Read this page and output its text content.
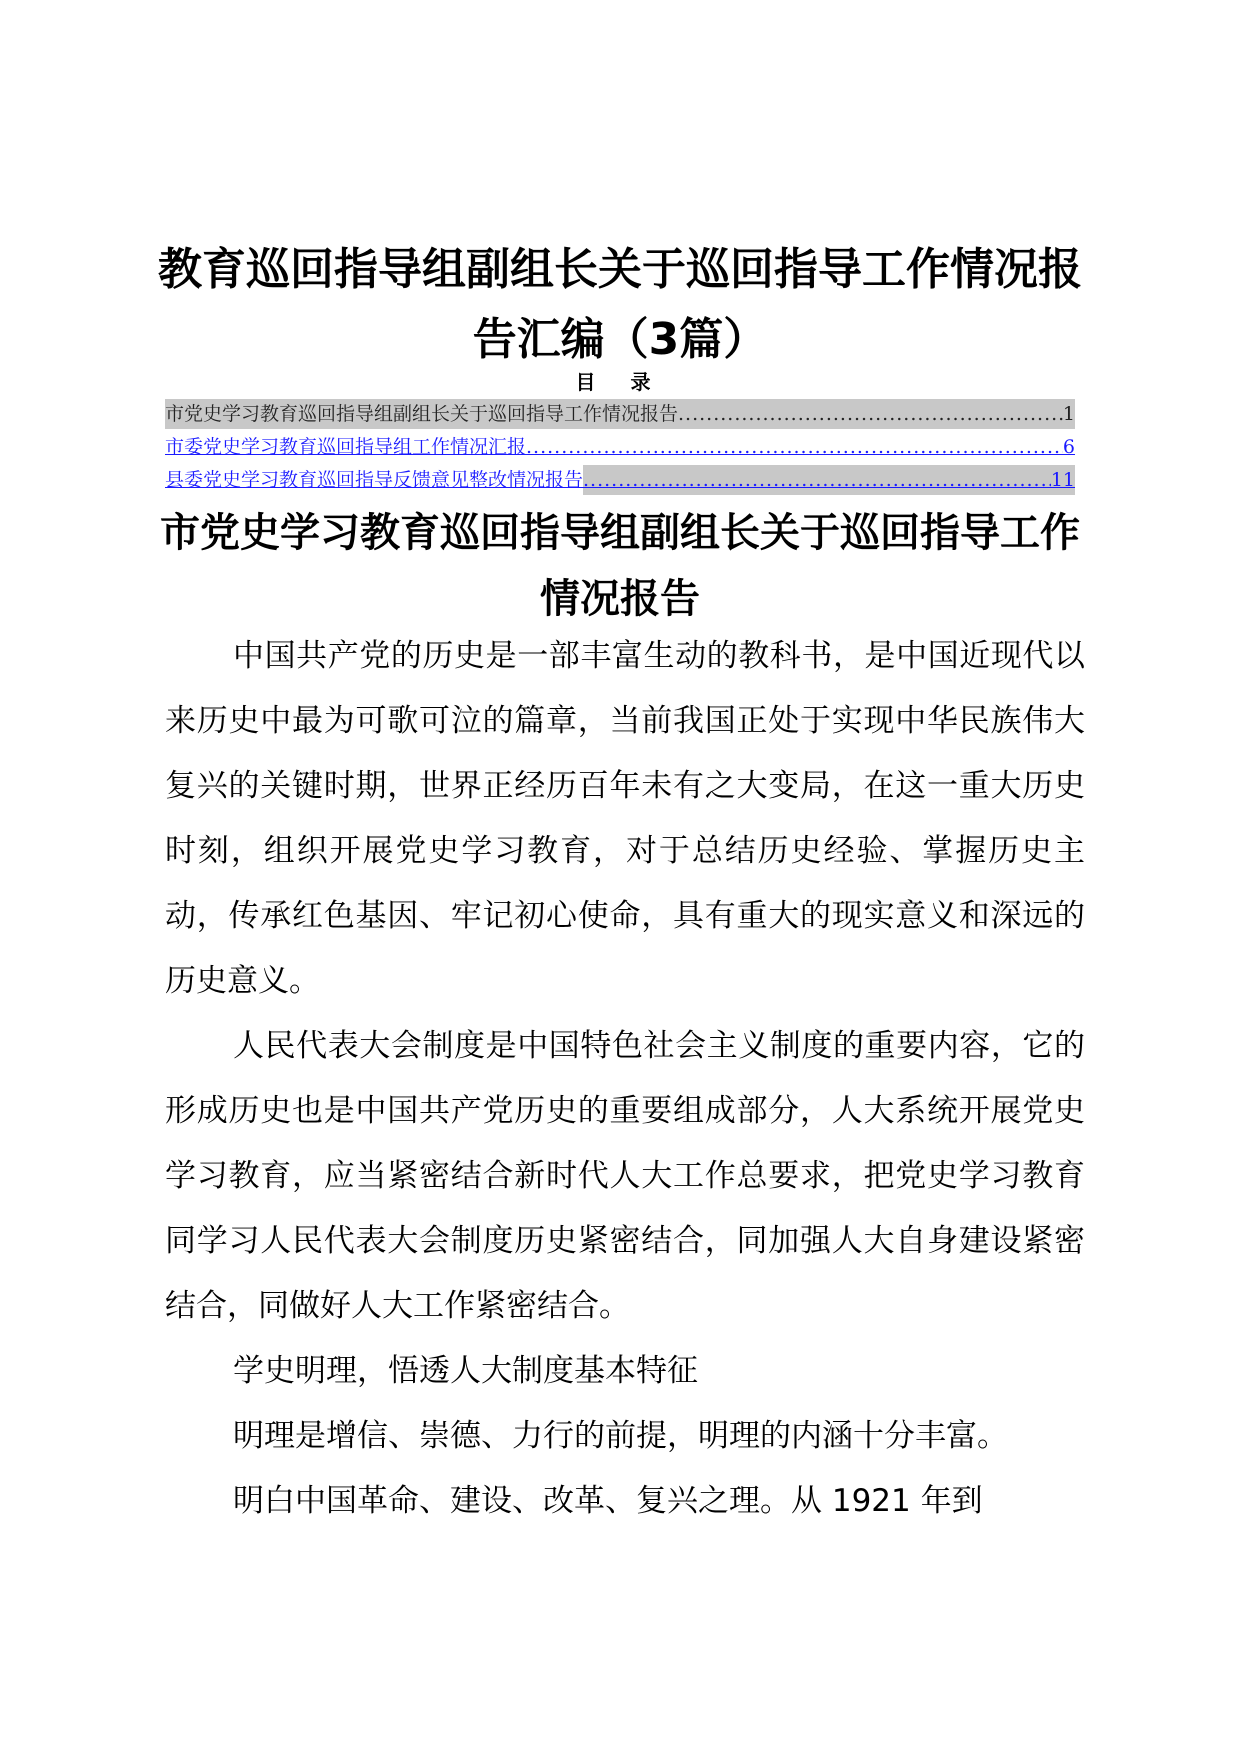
教育巡回指导组副组长关于巡回指导工作情况报告汇编（3篇）
目 录
市党史学习教育巡回指导组副组长关于巡回指导工作情况报告 .....	1
市委党史学习教育巡回指导组工作情况汇报 .....	6
县委党史学习教育巡回指导反馈意见整改情况报告 .....	11
市党史学习教育巡回指导组副组长关于巡回指导工作情况报告

中国共产党的历史是一部丰富生动的教科书，是中国近现代以来历史中最为可歌可泣的篇章，当前我国正处于实现中华民族伟大复兴的关键时期，世界正经历百年未有之大变局，在这一重大历史时刻，组织开展党史学习教育，对于总结历史经验、掌握历史主动，传承红色基因、牢记初心使命，具有重大的现实意义和深远的历史意义。

人民代表大会制度是中国特色社会主义制度的重要内容，它的形成历史也是中国共产党历史的重要组成部分，人大系统开展党史学习教育，应当紧密结合新时代人大工作总要求，把党史学习教育同学习人民代表大会制度历史紧密结合，同加强人大自身建设紧密结合，同做好人大工作紧密结合。

学史明理，悟透人大制度基本特征

明理是增信、崇德、力行的前提，明理的内涵十分丰富。

明白中国革命、建设、改革、复兴之理。从 1921 年到
